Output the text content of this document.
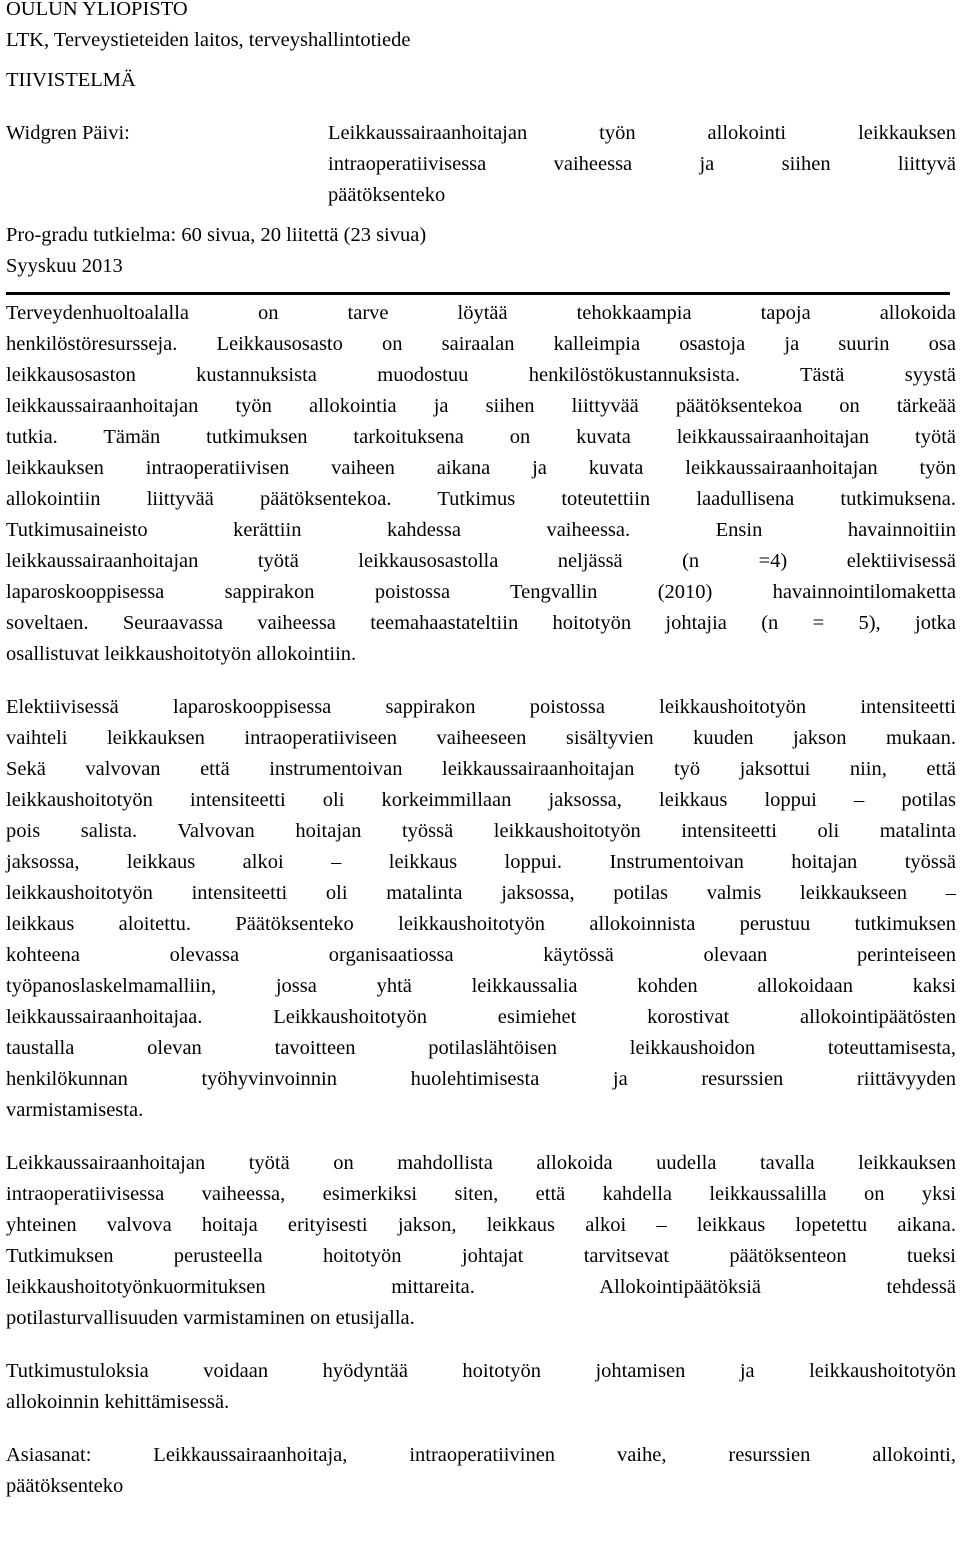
OULUN YLIOPISTO
LTK, Terveystieteiden laitos, terveyshallintotiede
TIIVISTELMÄ
Widgren Päivi:	Leikkaussairaanhoitajan työn allokointi leikkauksen
intraoperatiivisessa vaiheessa ja siihen liittyvä
päätöksenteko
Pro-gradu tutkielma: 60 sivua, 20 liitettä (23 sivua)
Syyskuu 2013
Terveydenhuoltoalalla on tarve löytää tehokkaampia tapoja allokoida
henkilöstöresursseja. Leikkausosasto on sairaalan kalleimpia osastoja ja suurin osa
leikkausosaston kustannuksista muodostuu henkilöstökustannuksista. Tästä syystä
leikkaussairaanhoitajan työn allokointia ja siihen liittyvää päätöksentekoa on tärkeää
tutkia. Tämän tutkimuksen tarkoituksena on kuvata leikkaussairaanhoitajan työtä
leikkauksen intraoperatiivisen vaiheen aikana ja kuvata leikkaussairaanhoitajan työn
allokointiin liittyvää päätöksentekoa. Tutkimus toteutettiin laadullisena tutkimuksena.
Tutkimusaineisto kerättiin kahdessa vaiheessa. Ensin havainnoitiin
leikkaussairaanhoitajan työtä leikkausosastolla neljässä (n =4) elektiivisessä
laparoskooppisessa sappirakon poistossa Tengvallin (2010) havainnointilomaketta
soveltaen. Seuraavassa vaiheessa teemahaastateltiin hoitotyön johtajia (n = 5), jotka
osallistuvat leikkaushoitotyön allokointiin.
Elektiivisessä laparoskooppisessa sappirakon poistossa leikkaushoitotyön intensiteetti
vaihteli leikkauksen intraoperatiiviseen vaiheeseen sisältyvien kuuden jakson mukaan.
Sekä valvovan että instrumentoivan leikkaussairaanhoitajan työ jaksottui niin, että
leikkaushoitotyön intensiteetti oli korkeimmillaan jaksossa, leikkaus loppui – potilas
pois salista. Valvovan hoitajan työssä leikkaushoitotyön intensiteetti oli matalinta
jaksossa, leikkaus alkoi – leikkaus loppui. Instrumentoivan hoitajan työssä
leikkaushoitotyön intensiteetti oli matalinta jaksossa, potilas valmis leikkaukseen –
leikkaus aloitettu. Päätöksenteko leikkaushoitotyön allokoinnista perustuu tutkimuksen
kohteena olevassa organisaatiossa käytössä olevaan perinteiseen
työpanoslaskelmamalliin, jossa yhtä leikkaussalia kohden allokoidaan kaksi
leikkaussairaanhoitajaa. Leikkaushoitotyön esimiehet korostivat allokointipäätösten
taustalla olevan tavoitteen potilaslähtöisen leikkaushoidon toteuttamisesta,
henkilökunnan työhyvinvoinnin huolehtimisesta ja resurssien riittävyyden
varmistamisesta.
Leikkaussairaanhoitajan työtä on mahdollista allokoida uudella tavalla leikkauksen
intraoperatiivisessa vaiheessa, esimerkiksi siten, että kahdella leikkaussalilla on yksi
yhteinen valvova hoitaja erityisesti jakson, leikkaus alkoi – leikkaus lopetettu aikana.
Tutkimuksen perusteella hoitotyön johtajat tarvitsevat päätöksenteon tueksi
leikkaushoitotyönkuormituksen mittareita. Allokointipäätöksiä tehdessä
potilasturvallisuuden varmistaminen on etusijalla.
Tutkimustuloksia voidaan hyödyntää hoitotyön johtamisen ja leikkaushoitotyön
allokoinnin kehittämisessä.
Asiasanat: Leikkaussairaanhoitaja, intraoperatiivinen vaihe, resurssien allokointi,
päätöksenteko
